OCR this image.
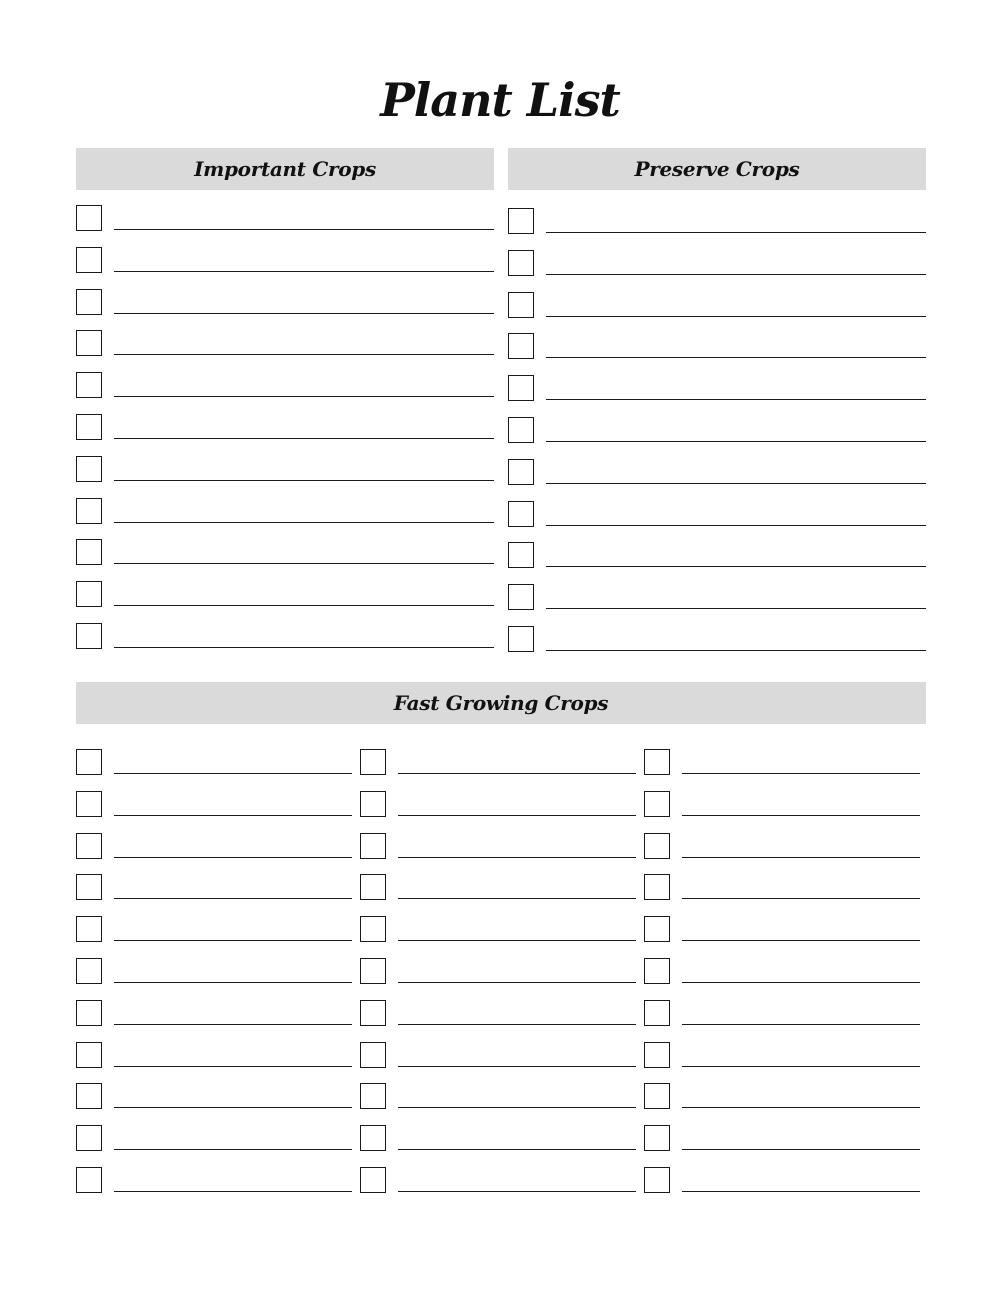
Plant List
Important Crops	Preserve Crops
Fast Growing Crops
